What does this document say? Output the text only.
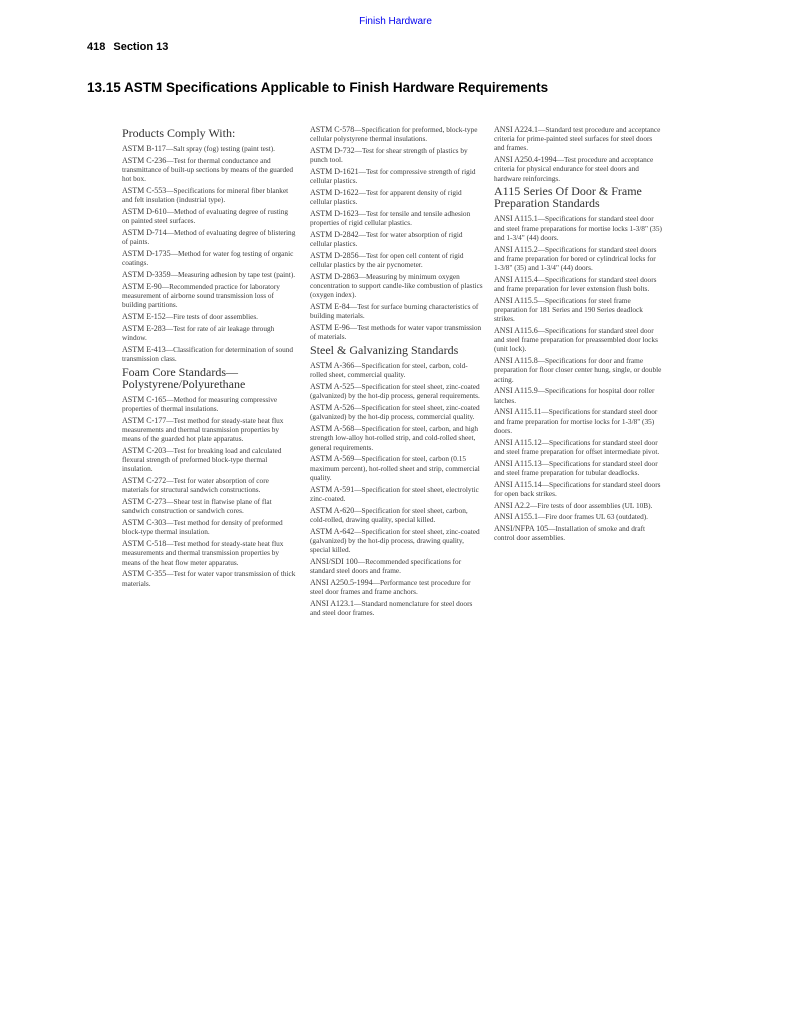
Finish Hardware
418 Section 13
13.15 ASTM Specifications Applicable to Finish Hardware Requirements
Products Comply With:
ASTM B-117—Salt spray (fog) testing (paint test).
ASTM C-236—Test for thermal conductance and transmittance of built-up sections by means of the guarded hot box.
ASTM C-553—Specifications for mineral fiber blanket and felt insulation (industrial type).
ASTM D-610—Method of evaluating degree of rusting on painted steel surfaces.
ASTM D-714—Method of evaluating degree of blistering of paints.
ASTM D-1735—Method for water fog testing of organic coatings.
ASTM D-3359—Measuring adhesion by tape test (paint).
ASTM E-90—Recommended practice for laboratory measurement of airborne sound transmission loss of building partitions.
ASTM E-152—Fire tests of door assemblies.
ASTM E-283—Test for rate of air leakage through window.
ASTM E-413—Classification for determination of sound transmission class.
Foam Core Standards—Polystyrene/Polyurethane
ASTM C-165—Method for measuring compressive properties of thermal insulations.
ASTM C-177—Test method for steady-state heat flux measurements and thermal transmission properties by means of the guarded hot plate apparatus.
ASTM C-203—Test for breaking load and calculated flexural strength of preformed block-type thermal insulation.
ASTM C-272—Test for water absorption of core materials for structural sandwich constructions.
ASTM C-273—Shear test in flatwise plane of flat sandwich construction or sandwich cores.
ASTM C-303—Test method for density of preformed block-type thermal insulation.
ASTM C-518—Test method for steady-state heat flux measurements and thermal transmission properties by means of the heat flow meter apparatus.
ASTM C-355—Test for water vapor transmission of thick materials.
ASTM C-578—Specification for preformed, block-type cellular polystyrene thermal insulations.
ASTM D-732—Test for shear strength of plastics by punch tool.
ASTM D-1621—Test for compressive strength of rigid cellular plastics.
ASTM D-1622—Test for apparent density of rigid cellular plastics.
ASTM D-1623—Test for tensile and tensile adhesion properties of rigid cellular plastics.
ASTM D-2842—Test for water absorption of rigid cellular plastics.
ASTM D-2856—Test for open cell content of rigid cellular plastics by the air pycnometer.
ASTM D-2863—Measuring by minimum oxygen concentration to support candle-like combustion of plastics (oxygen index).
ASTM E-84—Test for surface burning characteristics of building materials.
ASTM E-96—Test methods for water vapor transmission of materials.
Steel & Galvanizing Standards
ASTM A-366—Specification for steel, carbon, cold-rolled sheet, commercial quality.
ASTM A-525—Specification for steel sheet, zinc-coated (galvanized) by the hot-dip process, general requirements.
ASTM A-526—Specification for steel sheet, zinc-coated (galvanized) by the hot-dip process, commercial quality.
ASTM A-568—Specification for steel, carbon, and high strength low-alloy hot-rolled strip, and cold-rolled sheet, general requirements.
ASTM A-569—Specification for steel, carbon (0.15 maximum percent), hot-rolled sheet and strip, commercial quality.
ASTM A-591—Specification for steel sheet, electrolytic zinc-coated.
ASTM A-620—Specification for steel sheet, carbon, cold-rolled, drawing quality, special killed.
ASTM A-642—Specification for steel sheet, zinc-coated (galvanized) by the hot-dip process, drawing quality, special killed.
ANSI/SDI 100—Recommended specifications for standard steel doors and frame.
ANSI A250.5-1994—Performance test procedure for steel door frames and frame anchors.
ANSI A123.1—Standard nomenclature for steel doors and steel door frames.
ANSI A224.1—Standard test procedure and acceptance criteria for prime-painted steel surfaces for steel doors and frames.
ANSI A250.4-1994—Test procedure and acceptance criteria for physical endurance for steel doors and hardware reinforcings.
A115 Series Of Door & Frame Preparation Standards
ANSI A115.1—Specifications for standard steel door and steel frame preparations for mortise locks 1-3/8" (35) and 1-3/4" (44) doors.
ANSI A115.2—Specifications for standard steel doors and frame preparation for bored or cylindrical locks for 1-3/8" (35) and 1-3/4" (44) doors.
ANSI A115.4—Specifications for standard steel doors and frame preparation for lever extension flush bolts.
ANSI A115.5—Specifications for steel frame preparation for 181 Series and 190 Series deadlock strikes.
ANSI A115.6—Specifications for standard steel door and steel frame preparation for preassembled door locks (unit lock).
ANSI A115.8—Specifications for door and frame preparation for floor closer center hung, single, or double acting.
ANSI A115.9—Specifications for hospital door roller latches.
ANSI A115.11—Specifications for standard steel door and frame preparation for mortise locks for 1-3/8" (35) doors.
ANSI A115.12—Specifications for standard steel door and steel frame preparation for offset intermediate pivot.
ANSI A115.13—Specifications for standard steel door and steel frame preparation for tubular deadlocks.
ANSI A115.14—Specifications for standard steel doors for open back strikes.
ANSI A2.2—Fire tests of door assemblies (UL 10B).
ANSI A155.1—Fire door frames UL 63 (outdated).
ANSI/NFPA 105—Installation of smoke and draft control door assemblies.
